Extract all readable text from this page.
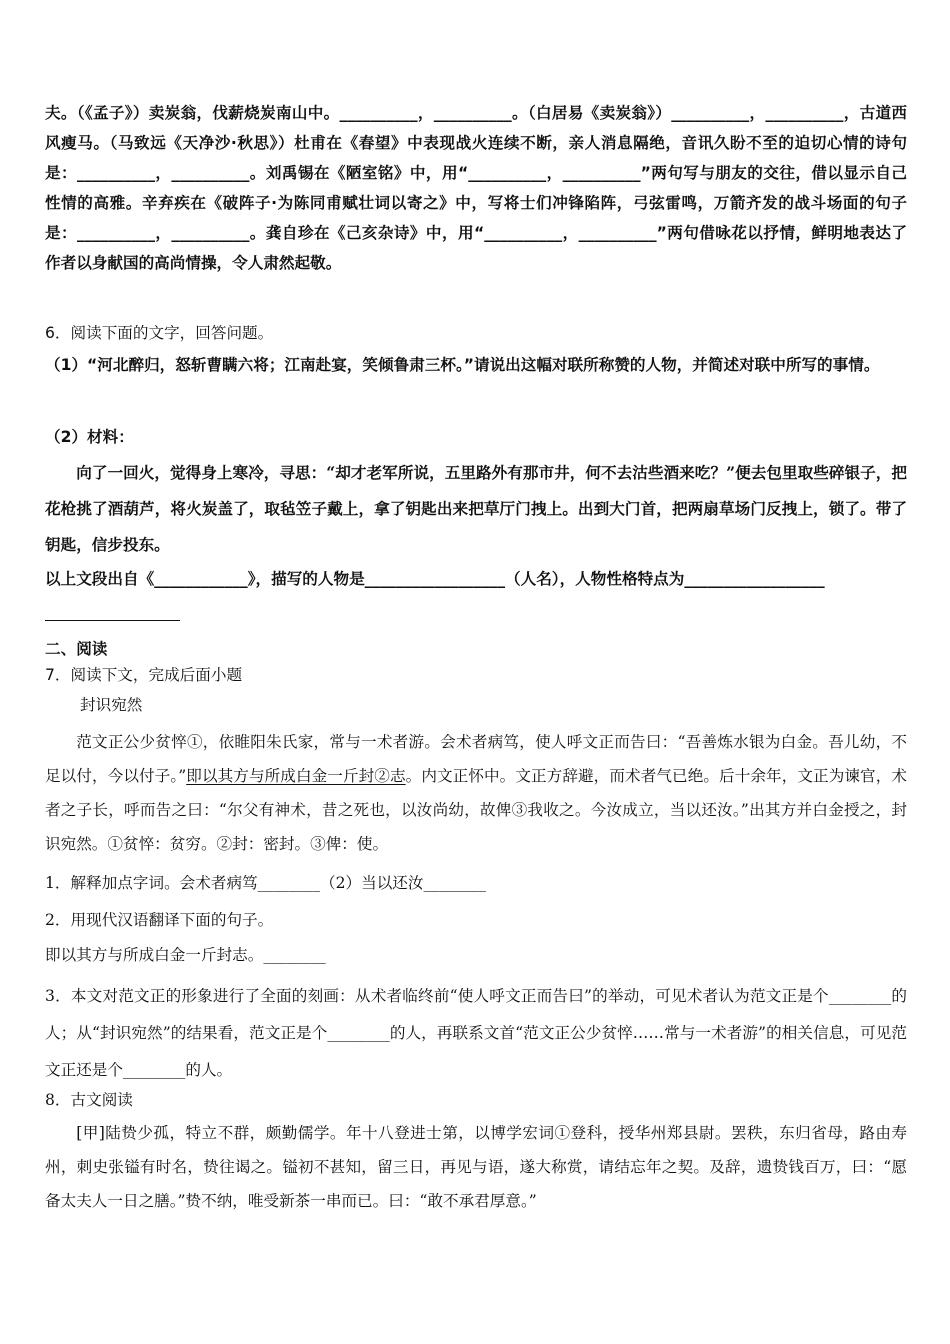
夫。（《孟子》）卖炭翁，伐薪烧炭南山中。__________，__________。（白居易《卖炭翁》）__________，__________，古道西风瘦马。（马致远《天净沙·秋思》）杜甫在《春望》中表现战火连续不断，亲人消息隔绝，音讯久盼不至的迫切心情的诗句是：__________，__________。刘禹锡在《陋室铭》中，用“__________，__________”两句写与朋友的交往，借以显示自己性情的高雅。辛弃疾在《破阵子·为陈同甫赋壮词以寄之》中，写将士们冲锋陷阵，弓弦雷鸣，万箭齐发的战斗场面的句子是：__________，__________。龚自珍在《己亥杂诗》中，用“__________，__________”两句借咏花以抒情，鲜明地表达了作者以身献国的高尚情操，令人肃然起敬。

6．阅读下面的文字，回答问题。

（1）“河北醉归，怒斩曹瞒六将；江南赴宴，笑倾鲁肃三杯。”请说出这幅对联所称赞的人物，并简述对联中所写的事情。

（2）材料：

向了一回火，觉得身上寒冷，寻思：“却才老军所说，五里路外有那市井，何不去沽些酒来吃？”便去包里取些碎银子，把花枪挑了酒葫芦，将火炭盖了，取毡笠子戴上，拿了钥匙出来把草厅门拽上。出到大门首，把两扇草场门反拽上，锁了。带了钥匙，信步投东。

以上文段出自《____________》，描写的人物是__________________（人名），人物性格特点为__________________

二、阅读

7．阅读下文，完成后面小题

封识宛然

范文正公少贫悴①，依睢阳朱氏家，常与一术者游。会术者病笃，使人呼文正而告曰：“吾善炼水银为白金。吾儿幼，不足以付，今以付子。”即以其方与所成白金一斤封②志。内文正怀中。文正方辞避，而术者气已绝。后十余年，文正为谏官，术者之子长，呼而告之曰：“尔父有神术，昔之死也，以汝尚幼，故俾③我收之。今汝成立，当以还汝。”出其方并白金授之，封识宛然。①贫悴：贫穷。②封：密封。③俾：使。

1．解释加点字词。会术者病笃________（2）当以还汝________

2．用现代汉语翻译下面的句子。

即以其方与所成白金一斤封志。________

3．本文对范文正的形象进行了全面的刻画：从术者临终前“使人呼文正而告曰”的举动，可见术者认为范文正是个________的人；从“封识宛然”的结果看，范文正是个________的人，再联系文首“范文正公少贫悴……常与一术者游”的相关信息，可见范文正还是个________的人。

8．古文阅读

[甲]陆贽少孤，特立不群，颇勤儒学。年十八登进士第，以博学宏词①登科，授华州郑县尉。罢秩，东归省母，路由寿州，刺史张镒有时名，贽往谒之。镒初不甚知，留三日，再见与语，遂大称赏，请结忘年之契。及辞，遗贽钱百万，曰：“愿备太夫人一日之膳。”贽不纳，唯受新茶一串而已。曰：“敢不承君厚意。”
